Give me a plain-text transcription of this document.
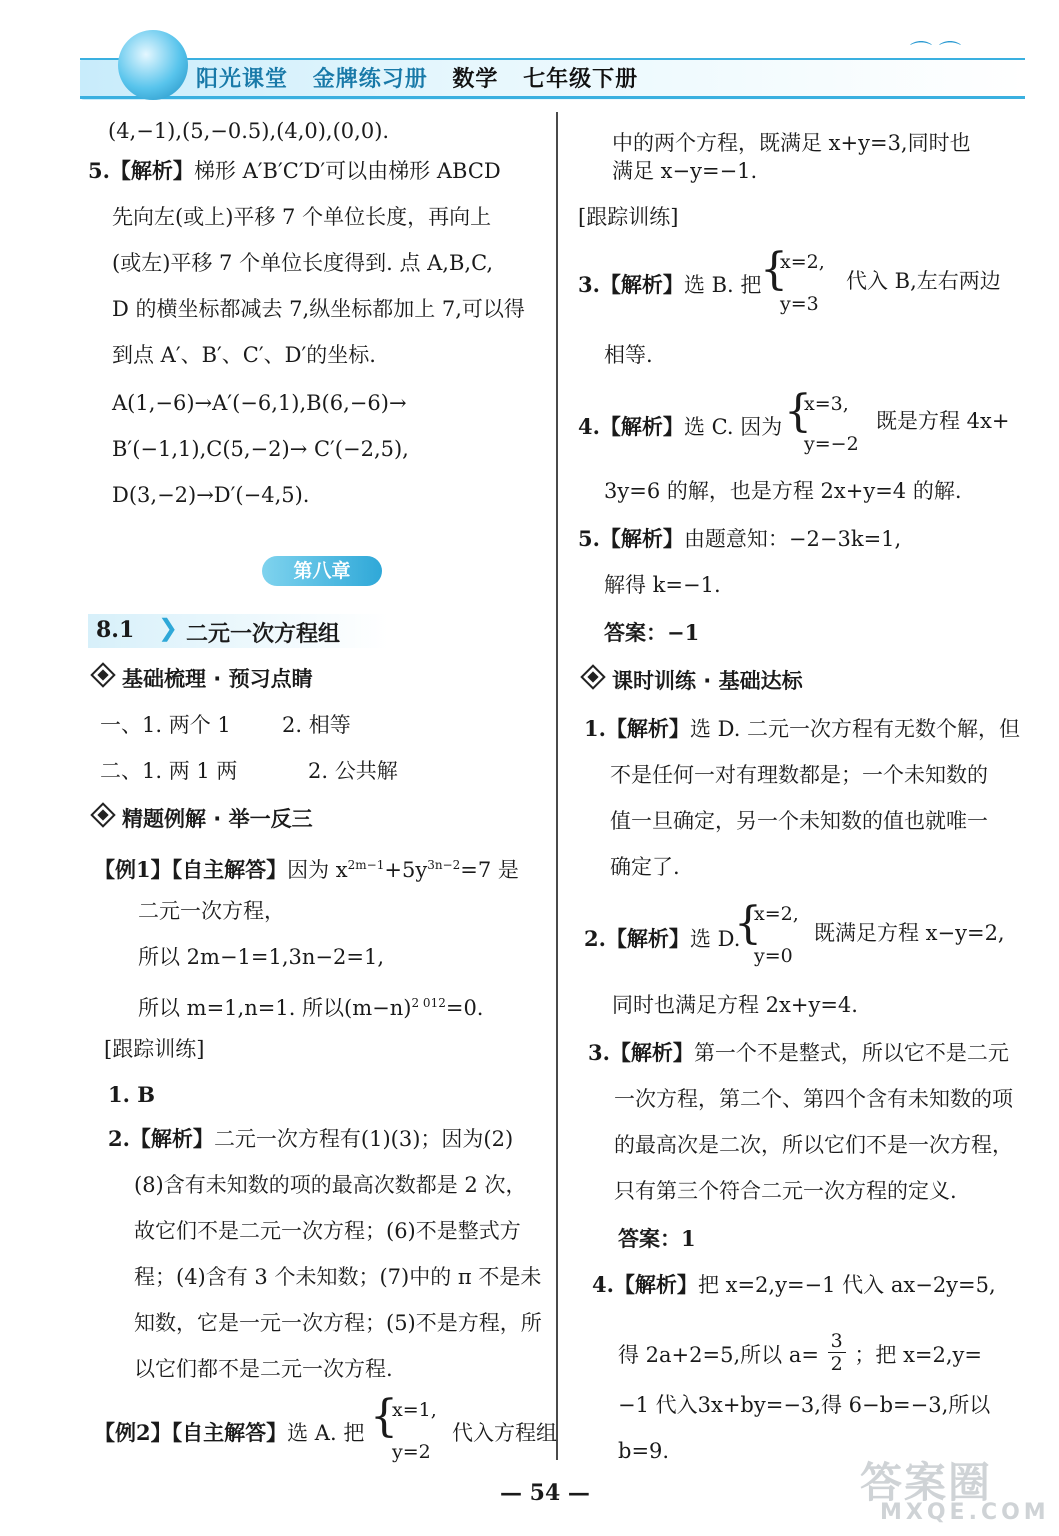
阳光课堂 金牌练习册 数学 七年级下册
⌒ ⌒
(4,−1),(5,−0.5),(4,0),(0,0).
5.【解析】梯形 A′B′C′D′可以由梯形 ABCD
先向左(或上)平移 7 个单位长度，再向上
(或左)平移 7 个单位长度得到. 点 A,B,C,
D 的横坐标都减去 7,纵坐标都加上 7,可以得
到点 A′、B′、C′、D′的坐标.
A(1,−6)→A′(−6,1),B(6,−6)→
B′(−1,1),C(5,−2)→ C′(−2,5),
D(3,−2)→D′(−4,5).
第八章
8.1 ❯ 二元一次方程组
基础梳理 · 预习点睛
一、1. 两个 1 2. 相等
二、1. 两 1 两	2. 公共解
精题例解 · 举一反三
【例1】【自主解答】因为 $x^{2m-1}+5y^{3n-2}=7$ 是
二元一次方程，
所以 2m−1=1,3n−2=1,
所以 m=1,n=1. 所以$(m-n)^{2 012}=0$.
[跟踪训练]
1. B
2.【解析】二元一次方程有(1)(3)；因为(2)
(8)含有未知数的项的最高次数都是 2 次，
故它们不是二元一次方程；(6)不是整式方
程；(4)含有 3 个未知数；(7)中的 π 不是未
知数，它是一元一次方程；(5)不是方程，所
以它们都不是二元一次方程.
【例2】【自主解答】选 A. 把 {
x=1,
y=2
代入方程组
中的两个方程，既满足 x+y=3,同时也
满足 x−y=−1.
[跟踪训练]
3.【解析】选 B. 把
{
x=2,
y=3
代入 B,左右两边
相等.
4.【解析】选 C. 因为 {
x=3,
y=−2
既是方程 4x+
3y=6 的解，也是方程 2x+y=4 的解.
5.【解析】由题意知：−2−3k=1,
解得 k=−1.
答案：−1
课时训练 · 基础达标
1.【解析】选 D. 二元一次方程有无数个解，但
不是任何一对有理数都是；一个未知数的
值一旦确定，另一个未知数的值也就唯一
确定了.
2.【解析】选 D.
{
x=2,
y=0
既满足方程 x−y=2,
同时也满足方程 2x+y=4.
3.【解析】第一个不是整式，所以它不是二元
一次方程，第二个、第四个含有未知数的项
的最高次是二次，所以它们不是一次方程，
只有第三个符合二元一次方程的定义.
答案：1
4.【解析】把 x=2,y=−1 代入 ax−2y=5,
得 2a+2=5,所以 $a= \frac{3}{2}$ ；把 x=2,y=
−1 代入3x+by=−3,得 6−b=−3,所以
b=9.
— 54 —	答案圈
MXQE.COM
